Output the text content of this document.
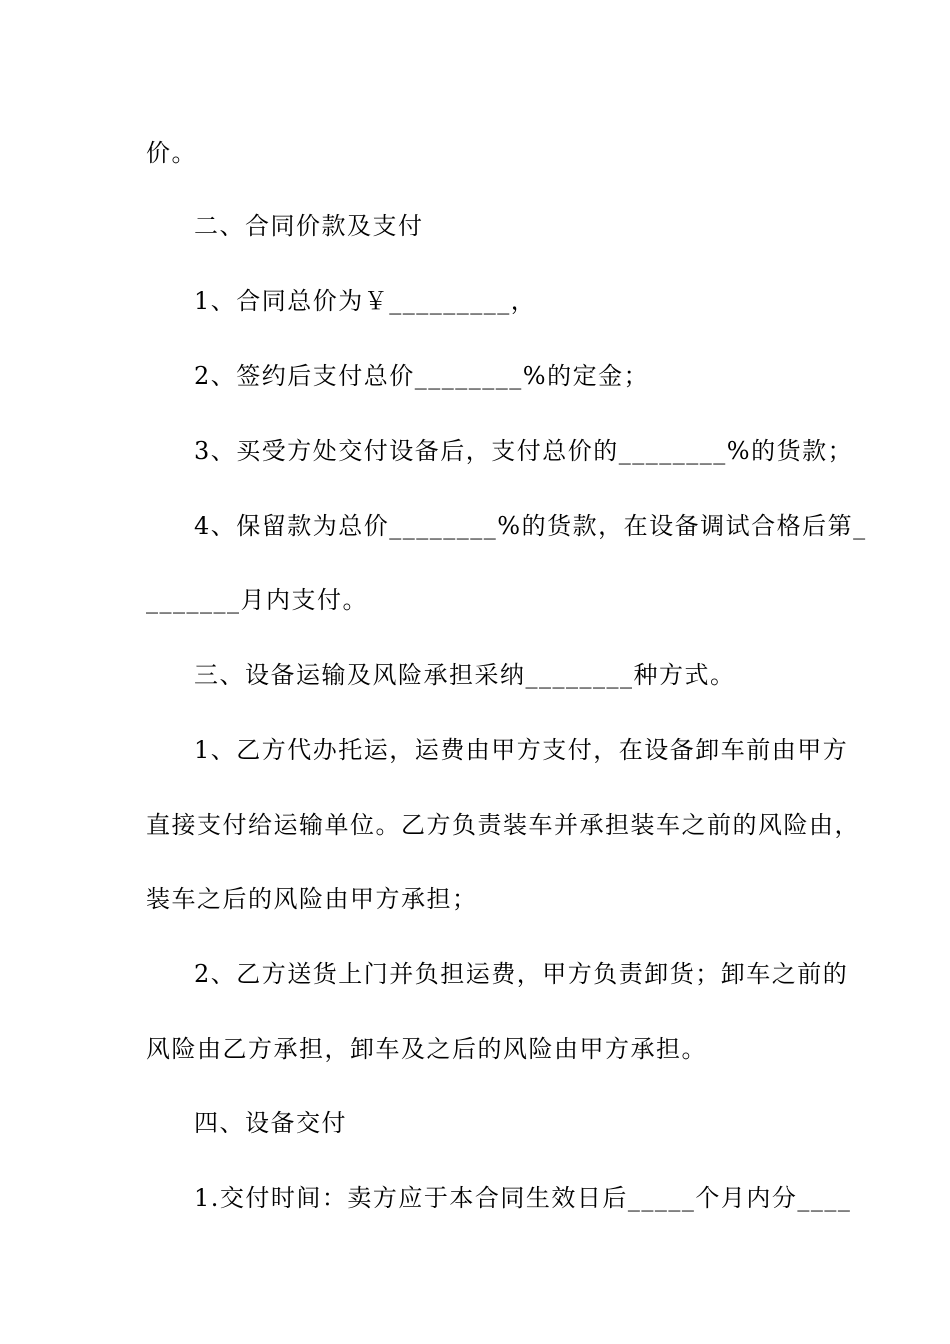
价。
二、合同价款及支付
1、合同总价为￥_________，
2、签约后支付总价________%的定金；
3、买受方处交付设备后，支付总价的________%的货款；
4、保留款为总价________%的货款，在设备调试合格后第_
_______月内支付。
三、设备运输及风险承担采纳________种方式。
1、乙方代办托运，运费由甲方支付，在设备卸车前由甲方
直接支付给运输单位。乙方负责装车并承担装车之前的风险由，
装车之后的风险由甲方承担；
2、乙方送货上门并负担运费，甲方负责卸货；卸车之前的
风险由乙方承担，卸车及之后的风险由甲方承担。
四、设备交付
1.交付时间：卖方应于本合同生效日后_____个月内分____
